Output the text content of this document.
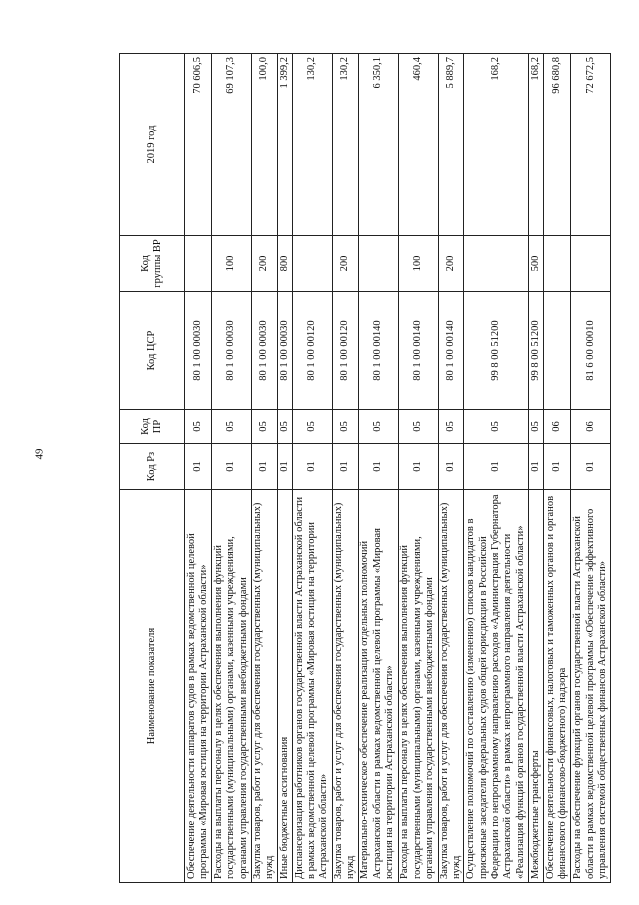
49
Наименование показателя	Код Рз	Код ПР	Код ЦСР	Код группы ВР	2019 год
Обеспечение деятельности аппаратов судов в рамках ведомственной целевой программы «Мировая юстиция на территории Астраханской области»	01	05	80 1 00 00030		70 606,5
Расходы на выплаты персоналу в целях обеспечения выполнения функций государственными (муниципальными) органами, казенными учреждениями, органами управления государственными внебюджетными фондами	01	05	80 1 00 00030	100	69 107,3
Закупка товаров, работ и услуг для обеспечения государственных (муниципальных) нужд	01	05	80 1 00 00030	200	100,0
Иные бюджетные ассигнования	01	05	80 1 00 00030	800	1 399,2
Диспансеризация работников органов государственной власти Астраханской области в рамках ведомственной целевой программы «Мировая юстиция на территории Астраханской области»	01	05	80 1 00 00120		130,2
Закупка товаров, работ и услуг для обеспечения государственных (муниципальных) нужд	01	05	80 1 00 00120	200	130,2
Материально-техническое обеспечение реализации отдельных полномочий Астраханской области в рамках ведомственной целевой программы «Мировая юстиция на территории Астраханской области»	01	05	80 1 00 00140		6 350,1
Расходы на выплаты персоналу в целях обеспечения выполнения функций государственными (муниципальными) органами, казенными учреждениями, органами управления государственными внебюджетными фондами	01	05	80 1 00 00140	100	460,4
Закупка товаров, работ и услуг для обеспечения государственных (муниципальных) нужд	01	05	80 1 00 00140	200	5 889,7
Осуществление полномочий по составлению (изменению) списков кандидатов в присяжные заседатели федеральных судов общей юрисдикции в Российской Федерации по непрограммному направлению расходов «Администрация Губернатора Астраханской области» в рамках непрограммного направления деятельности «Реализация функций органов государственной власти Астраханской области»	01	05	99 8 00 51200		168,2
Межбюджетные трансферты	01	05	99 8 00 51200	500	168,2
Обеспечение деятельности финансовых, налоговых и таможенных органов и органов финансового (финансово-бюджетного) надзора	01	06			96 680,8
Расходы на обеспечение функций органов государственной власти Астраханской области в рамках ведомственной целевой программы «Обеспечение эффективного управления системой общественных финансов Астраханской области»	01	06	81 6 00 00010		72 672,5
